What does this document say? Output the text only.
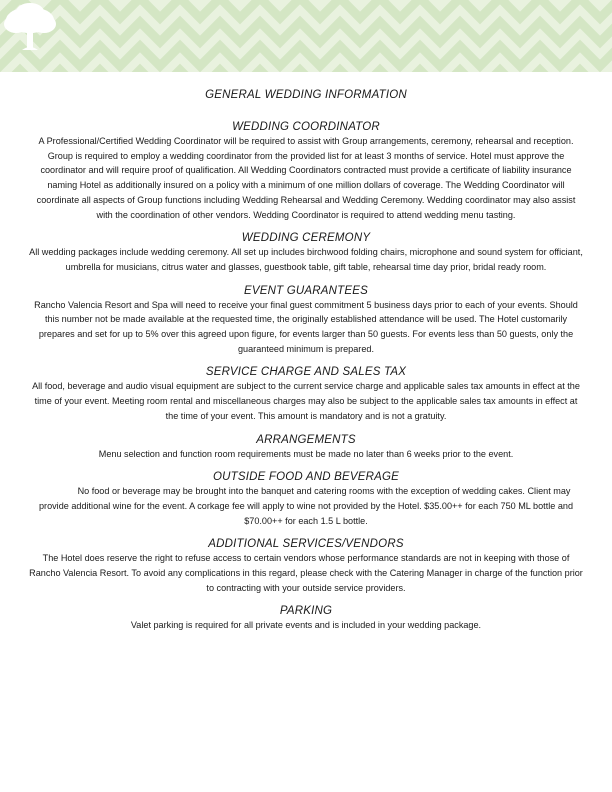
GENERAL WEDDING INFORMATION
WEDDING COORDINATOR

A Professional/Certified Wedding Coordinator will be required to assist with Group arrangements, ceremony, rehearsal and reception. Group is required to employ a wedding coordinator from the provided list for at least 3 months of service. Hotel must approve the coordinator and will require proof of qualification. All Wedding Coordinators contracted must provide a certificate of liability insurance naming Hotel as additionally insured on a policy with a minimum of one million dollars of coverage. The Wedding Coordinator will coordinate all aspects of Group functions including Wedding Rehearsal and Wedding Ceremony. Wedding coordinator may also assist with the coordination of other vendors. Wedding Coordinator is required to attend wedding menu tasting.

WEDDING CEREMONY

All wedding packages include wedding ceremony. All set up includes birchwood folding chairs, microphone and sound system for officiant, umbrella for musicians, citrus water and glasses, guestbook table, gift table, rehearsal time day prior, bridal ready room.

EVENT GUARANTEES

Rancho Valencia Resort and Spa will need to receive your final guest commitment 5 business days prior to each of your events. Should this number not be made available at the requested time, the originally established attendance will be used. The Hotel customarily prepares and set for up to 5% over this agreed upon figure, for events larger than 50 guests. For events less than 50 guests, only the guaranteed minimum is prepared.

SERVICE CHARGE AND SALES TAX

All food, beverage and audio visual equipment are subject to the current service charge and applicable sales tax amounts in effect at the time of your event. Meeting room rental and miscellaneous charges may also be subject to the applicable sales tax amounts in effect at the time of your event. This amount is mandatory and is not a gratuity.

ARRANGEMENTS

Menu selection and function room requirements must be made no later than 6 weeks prior to the event.

OUTSIDE FOOD AND BEVERAGE

No food or beverage may be brought into the banquet and catering rooms with the exception of wedding cakes. Client may provide additional wine for the event. A corkage fee will apply to wine not provided by the Hotel. $35.00++ for each 750 ML bottle and $70.00++ for each 1.5 L bottle.

ADDITIONAL SERVICES/VENDORS

The Hotel does reserve the right to refuse access to certain vendors whose performance standards are not in keeping with those of Rancho Valencia Resort. To avoid any complications in this regard, please check with the Catering Manager in charge of the function prior to contracting with your outside service providers.

PARKING

Valet parking is required for all private events and is included in your wedding package.
